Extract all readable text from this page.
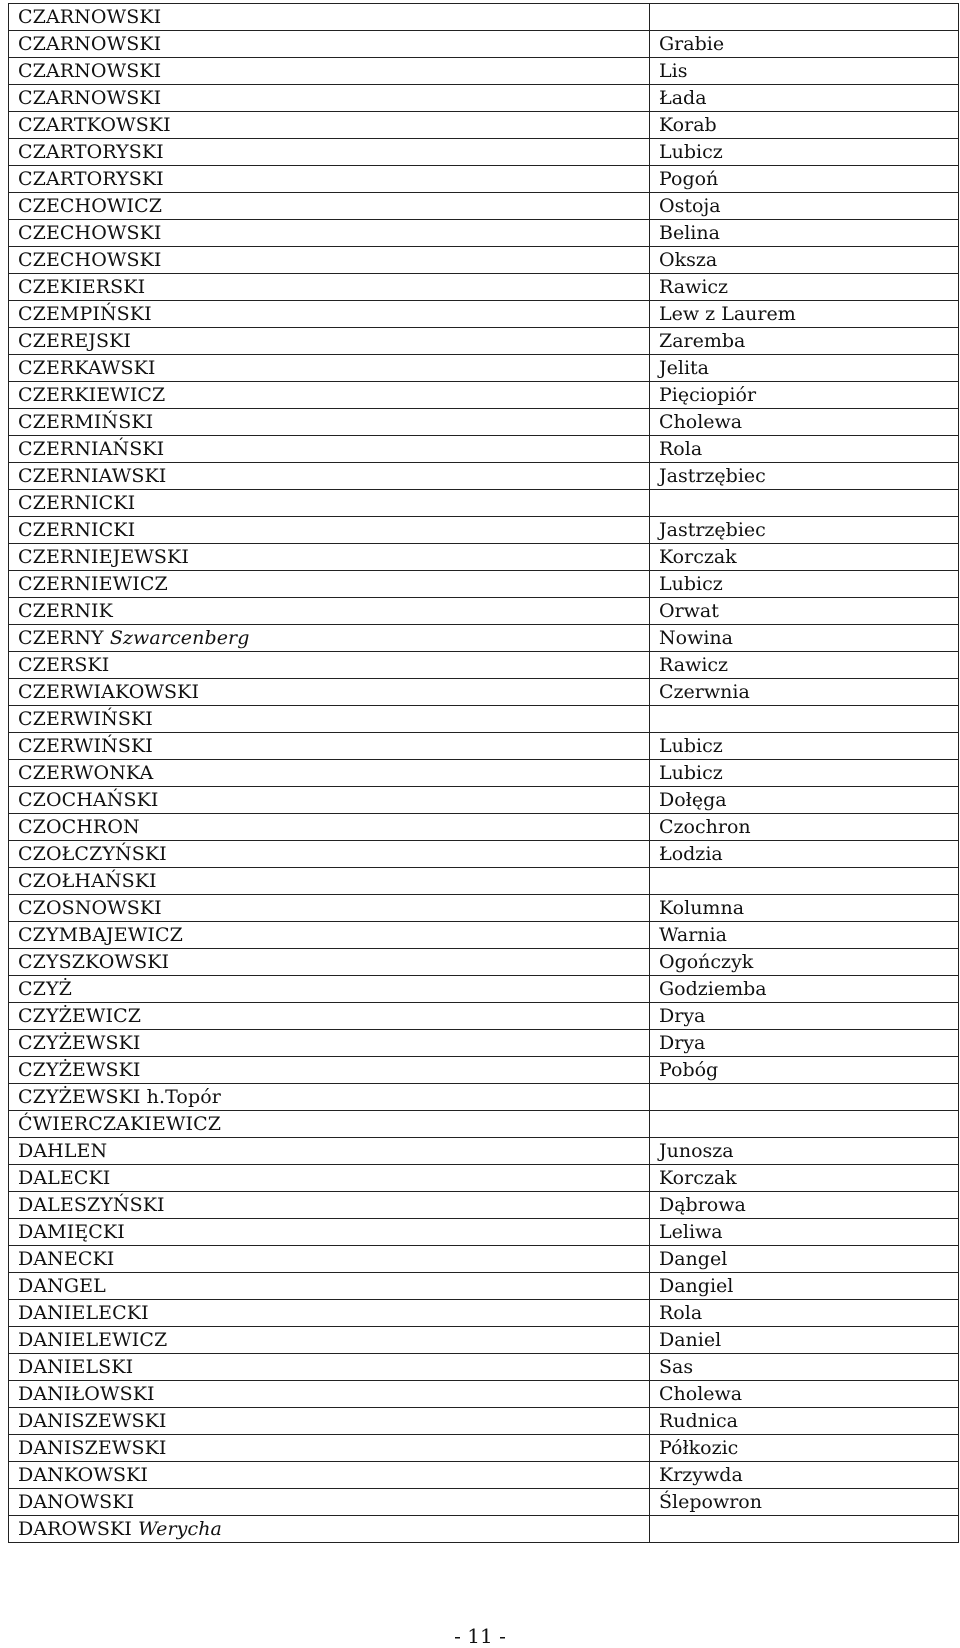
CZARNOWSKI	
CZARNOWSKI	Grabie
CZARNOWSKI	Lis
CZARNOWSKI	Łada
CZARTKOWSKI	Korab
CZARTORYSKI	Lubicz
CZARTORYSKI	Pogoń
CZECHOWICZ	Ostoja
CZECHOWSKI	Belina
CZECHOWSKI	Oksza
CZEKIERSKI	Rawicz
CZEMPIŃSKI	Lew z Laurem
CZEREJSKI	Zaremba
CZERKAWSKI	Jelita
CZERKIEWICZ	Pięciopiór
CZERMIŃSKI	Cholewa
CZERNIAŃSKI	Rola
CZERNIAWSKI	Jastrzębiec
CZERNICKI	
CZERNICKI	Jastrzębiec
CZERNIEJEWSKI	Korczak
CZERNIEWICZ	Lubicz
CZERNIK	Orwat
CZERNY Szwarcenberg	Nowina
CZERSKI	Rawicz
CZERWIAKOWSKI	Czerwnia
CZERWIŃSKI	
CZERWIŃSKI	Lubicz
CZERWONKA	Lubicz
CZOCHAŃSKI	Dołęga
CZOCHRON	Czochron
CZOŁCZYŃSKI	Łodzia
CZOŁHAŃSKI	
CZOSNOWSKI	Kolumna
CZYMBAJEWICZ	Warnia
CZYSZKOWSKI	Ogończyk
CZYŻ	Godziemba
CZYŻEWICZ	Drya
CZYŻEWSKI	Drya
CZYŻEWSKI	Pobóg
CZYŻEWSKI h.Topór	
ĆWIERCZAKIEWICZ	
DAHLEN	Junosza
DALECKI	Korczak
DALESZYŃSKI	Dąbrowa
DAMIĘCKI	Leliwa
DANECKI	Dangel
DANGEL	Dangiel
DANIELECKI	Rola
DANIELEWICZ	Daniel
DANIELSKI	Sas
DANIŁOWSKI	Cholewa
DANISZEWSKI	Rudnica
DANISZEWSKI	Półkozic
DANKOWSKI	Krzywda
DANOWSKI	Ślepowron
DAROWSKI Werycha	
- 11 -
